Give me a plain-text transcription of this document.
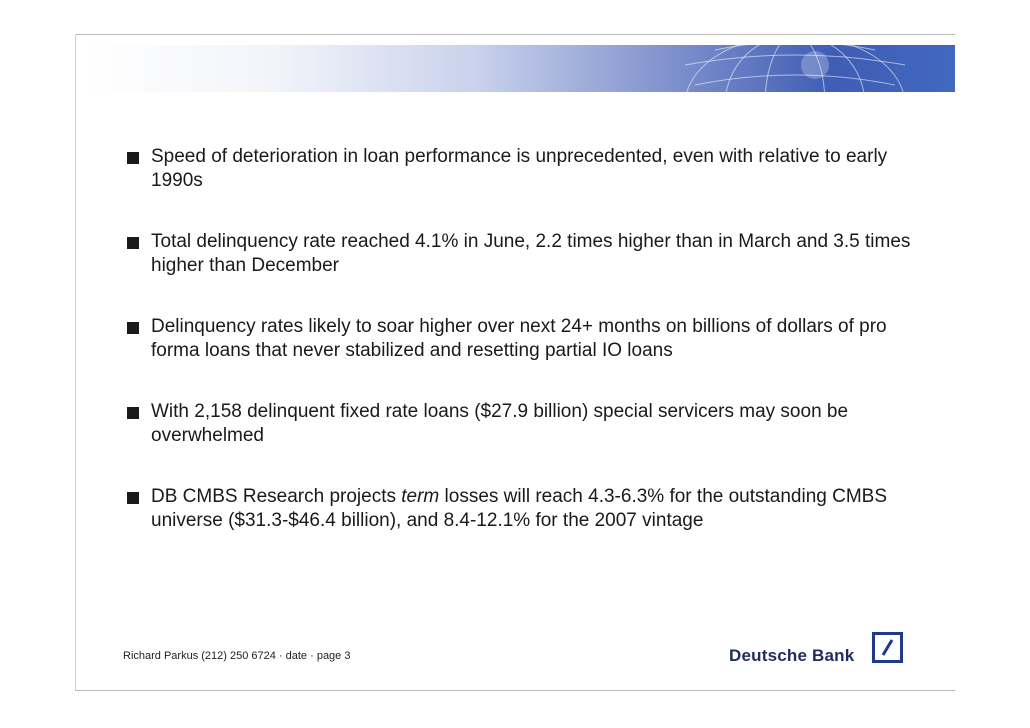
Speed of deterioration in loan performance is unprecedented, even with relative to early 1990s
Total delinquency rate reached 4.1% in June, 2.2 times higher than in March and 3.5 times higher than December
Delinquency rates likely to soar higher over next 24+ months on billions of dollars of pro forma loans that never stabilized and resetting partial IO loans
With 2,158 delinquent fixed rate loans ($27.9 billion) special servicers may soon be overwhelmed
DB CMBS Research projects term losses will reach 4.3-6.3% for the outstanding CMBS universe ($31.3-$46.4 billion), and 8.4-12.1% for the 2007 vintage
Richard Parkus (212) 250 6724 · date · page 3	Deutsche Bank
